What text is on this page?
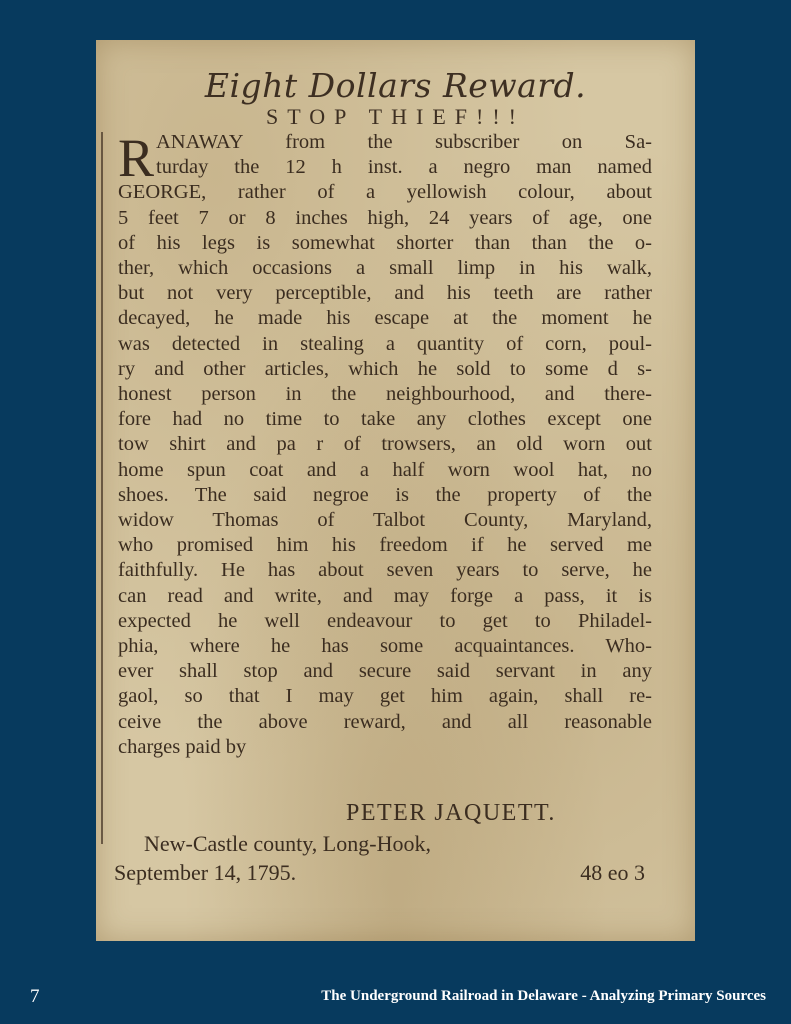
Eight Dollars Reward.
STOP THIEF!!!
R ANAWAY from the subscriber on Sa-
turday the 12 h inst. a negro man named
GEORGE, rather of a yellowish colour, about
5 feet 7 or 8 inches high, 24 years of age, one
of his legs is somewhat shorter than than the o-
ther, which occasions a small limp in his walk,
but not very perceptible, and his teeth are rather
decayed, he made his escape at the moment he
was detected in stealing a quantity of corn, poul-
ry and other articles, which he sold to some d s-
honest person in the neighbourhood, and there-
fore had no time to take any clothes except one
tow shirt and pa r of trowsers, an old worn out
home spun coat and a half worn wool hat, no
shoes. The said negroe is the property of the
widow Thomas of Talbot County, Maryland,
who promised him his freedom if he served me
faithfully. He has about seven years to serve, he
can read and write, and may forge a pass, it is
expected he well endeavour to get to Philadel-
phia, where he has some acquaintances. Who-
ever shall stop and secure said servant in any
gaol, so that I may get him again, shall re-
ceive the above reward, and all reasonable
charges paid by
PETER JAQUETT.
New-Castle county, Long-Hook,
September 14, 1795.	48 eo 3
7	The Underground Railroad in Delaware - Analyzing Primary Sources
